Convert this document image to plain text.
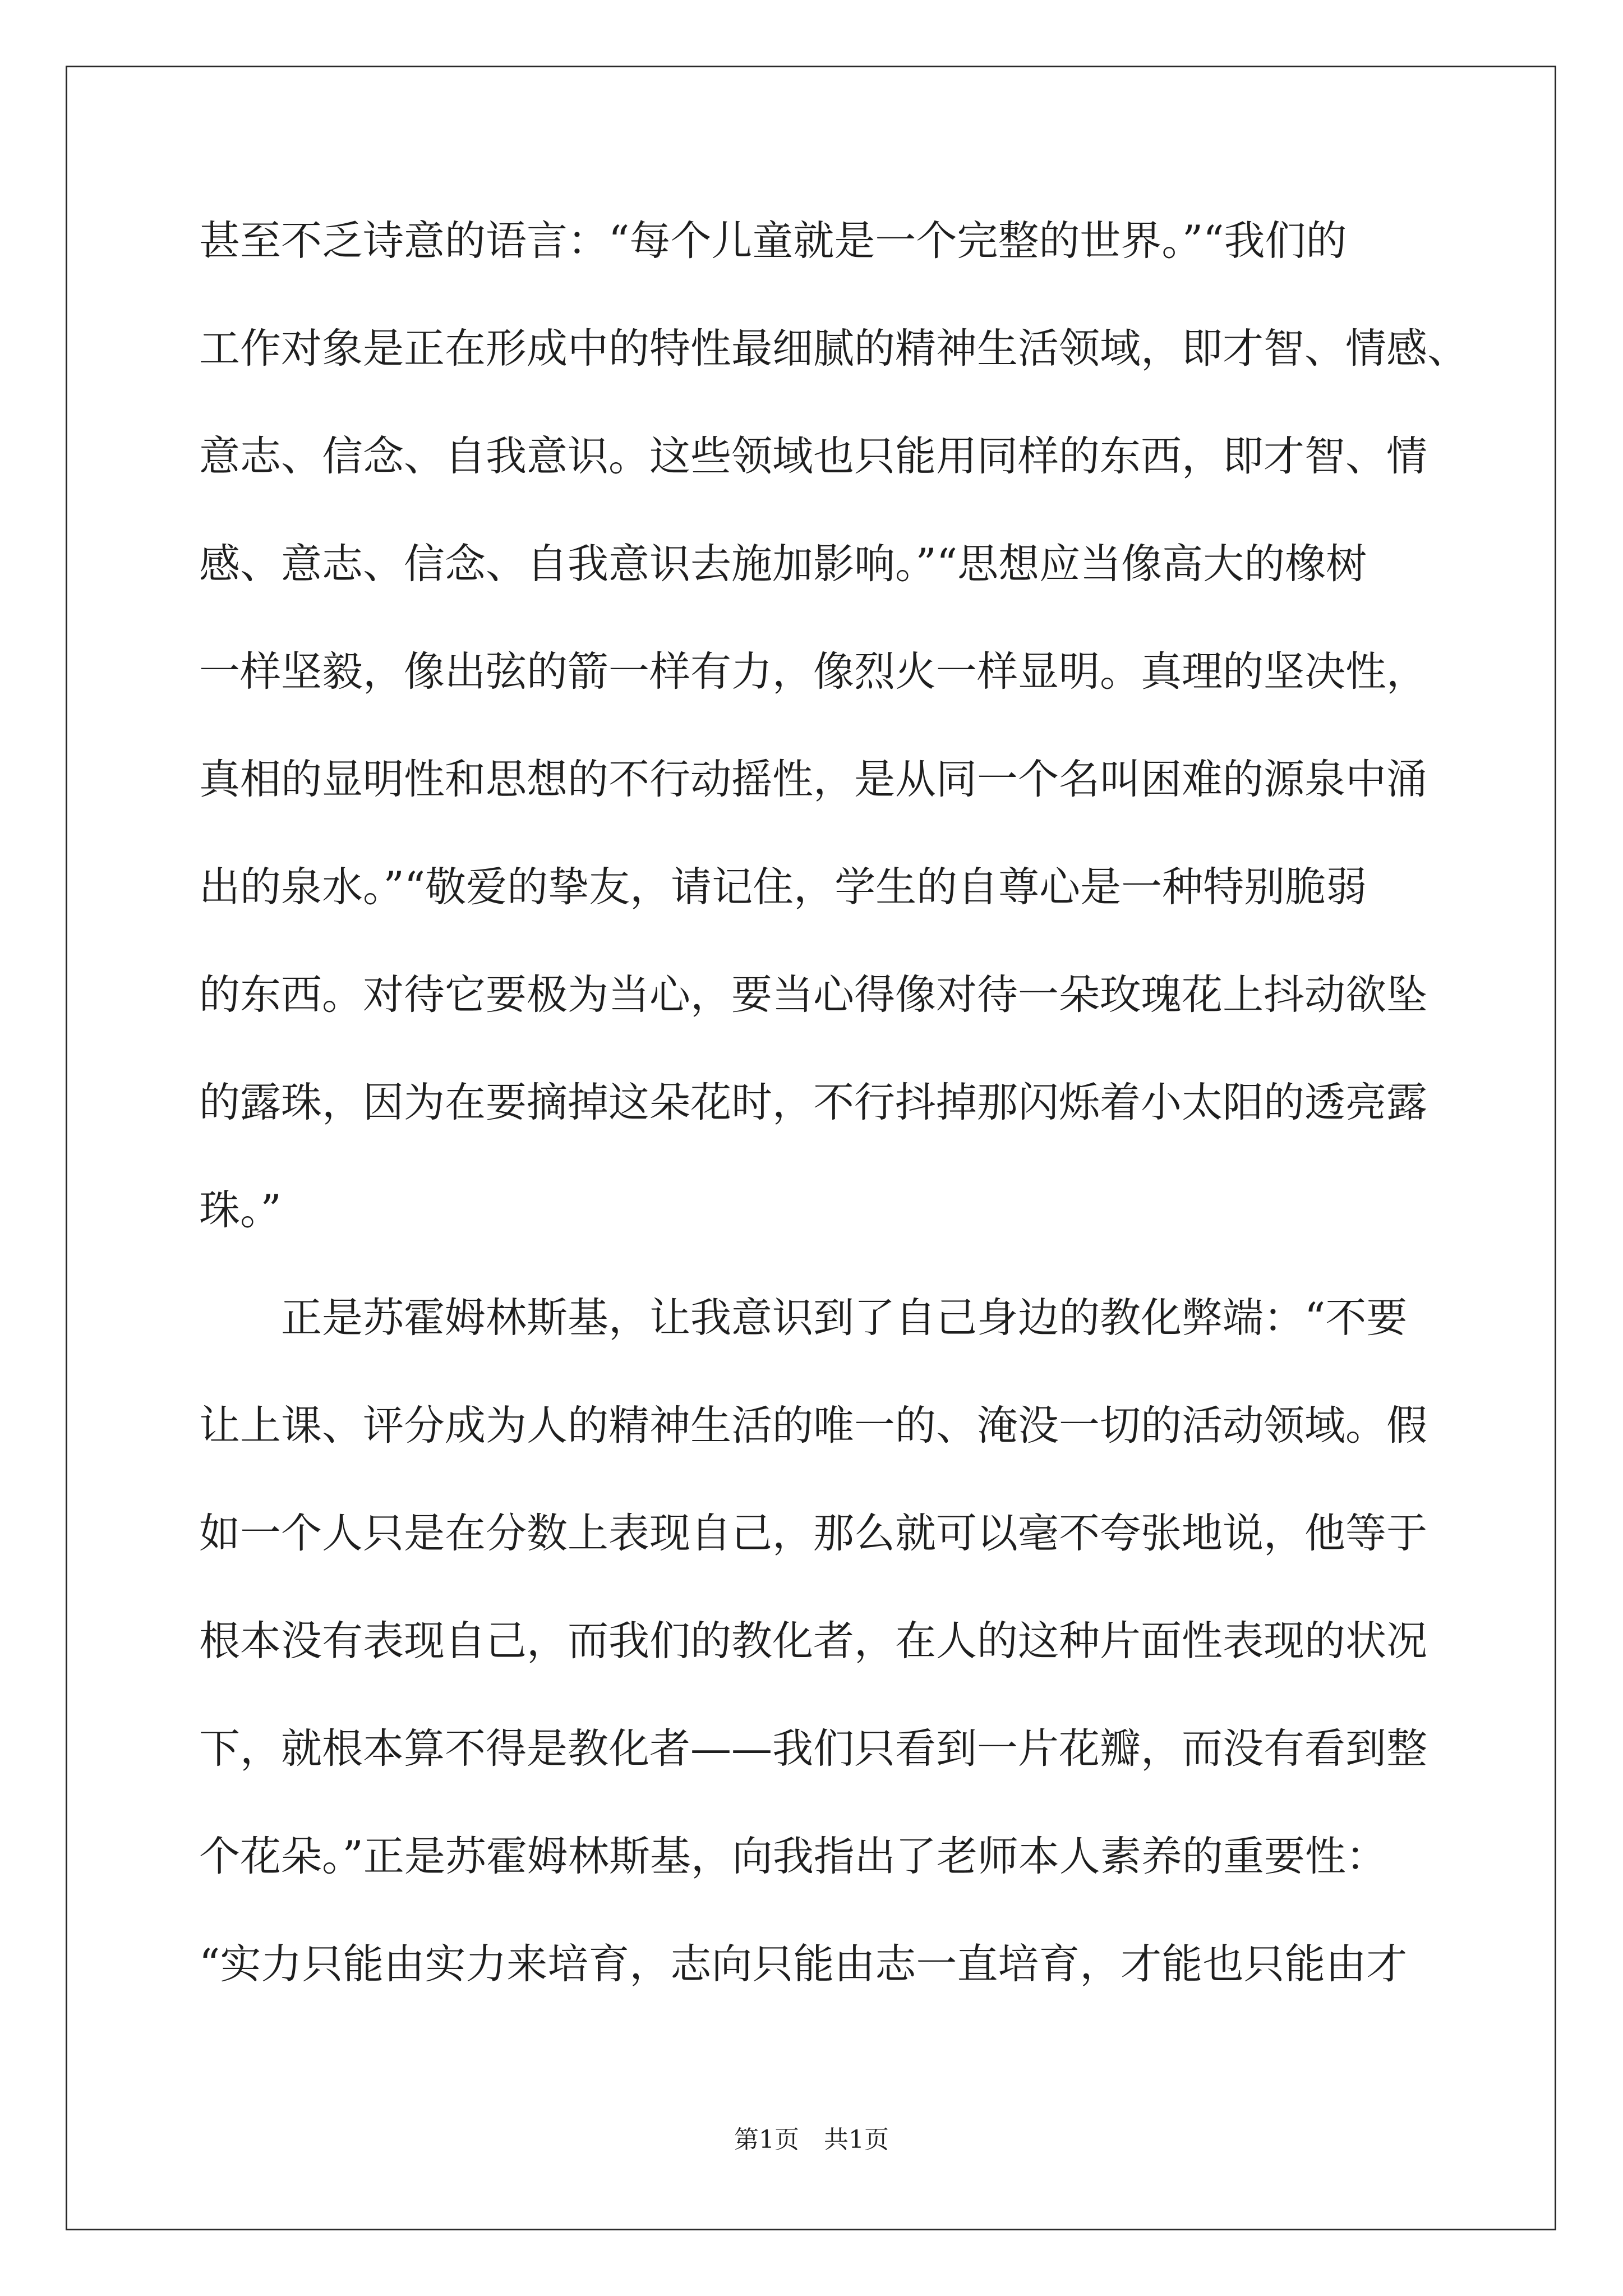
甚至不乏诗意的语言：“每个儿童就是一个完整的世界。”“我们的

工作对象是正在形成中的特性最细腻的精神生活领域，即才智、情感、

意志、信念、自我意识。这些领域也只能用同样的东西，即才智、情

感、意志、信念、自我意识去施加影响。”“思想应当像高大的橡树

一样坚毅，像出弦的箭一样有力，像烈火一样显明。真理的坚决性，

真相的显明性和思想的不行动摇性，是从同一个名叫困难的源泉中涌

出的泉水。”“敬爱的挚友，请记住，学生的自尊心是一种特别脆弱

的东西。对待它要极为当心，要当心得像对待一朵玫瑰花上抖动欲坠

的露珠，因为在要摘掉这朵花时，不行抖掉那闪烁着小太阳的透亮露

珠。”

　　正是苏霍姆林斯基，让我意识到了自己身边的教化弊端：“不要

让上课、评分成为人的精神生活的唯一的、淹没一切的活动领域。假

如一个人只是在分数上表现自己，那么就可以毫不夸张地说，他等于

根本没有表现自己，而我们的教化者，在人的这种片面性表现的状况

下，就根本算不得是教化者——我们只看到一片花瓣，而没有看到整

个花朵。”正是苏霍姆林斯基，向我指出了老师本人素养的重要性：

“实力只能由实力来培育，志向只能由志一直培育，才能也只能由才

第1页　共1页
